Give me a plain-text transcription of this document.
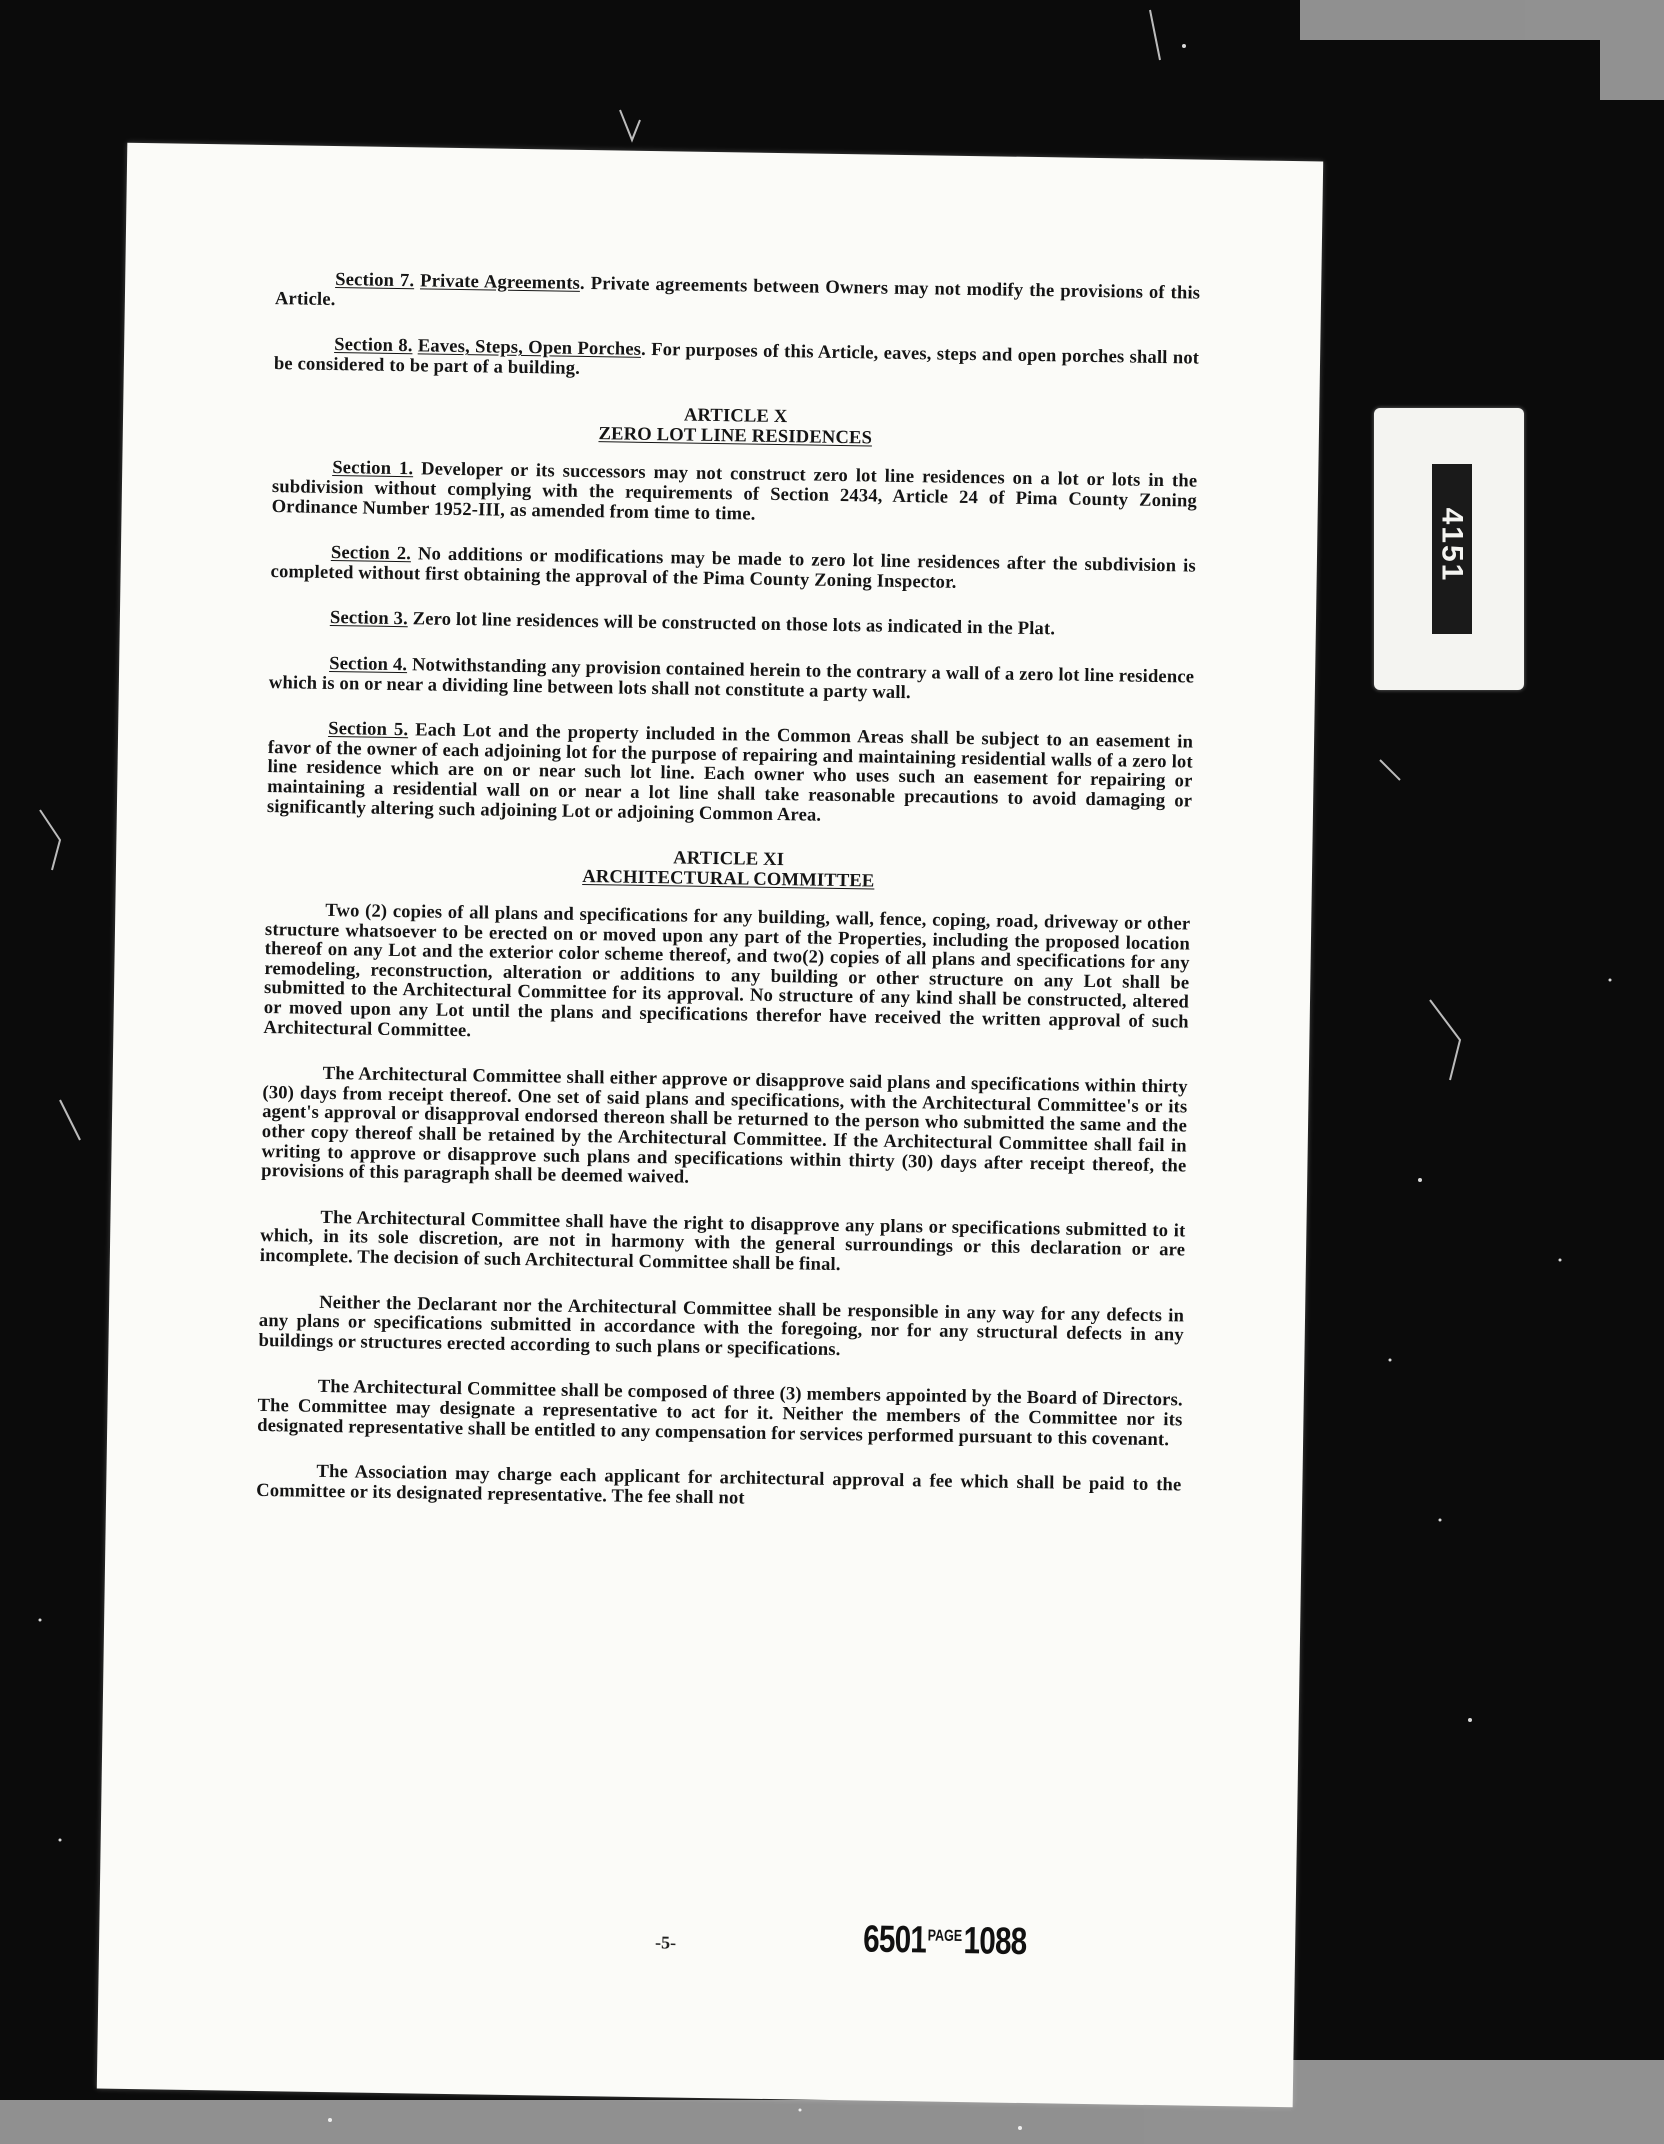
4151

Section 7. Private Agreements. Private agreements between Owners may not modify the provisions of this Article.

Section 8. Eaves, Steps, Open Porches. For purposes of this Article, eaves, steps and open porches shall not be considered to be part of a building.

ARTICLE X
ZERO LOT LINE RESIDENCES

Section 1. Developer or its successors may not construct zero lot line residences on a lot or lots in the subdivision without complying with the requirements of Section 2434, Article 24 of Pima County Zoning Ordinance Number 1952-III, as amended from time to time.

Section 2. No additions or modifications may be made to zero lot line residences after the subdivision is completed without first obtaining the approval of the Pima County Zoning Inspector.

Section 3. Zero lot line residences will be constructed on those lots as indicated in the Plat.

Section 4. Notwithstanding any provision contained herein to the contrary a wall of a zero lot line residence which is on or near a dividing line between lots shall not constitute a party wall.

Section 5. Each Lot and the property included in the Common Areas shall be subject to an easement in favor of the owner of each adjoining lot for the purpose of repairing and maintaining residential walls of a zero lot line residence which are on or near such lot line. Each owner who uses such an easement for repairing or maintaining a residential wall on or near a lot line shall take reasonable precautions to avoid damaging or significantly altering such adjoining Lot or adjoining Common Area.

ARTICLE XI
ARCHITECTURAL COMMITTEE

Two (2) copies of all plans and specifications for any building, wall, fence, coping, road, driveway or other structure whatsoever to be erected on or moved upon any part of the Properties, including the proposed location thereof on any Lot and the exterior color scheme thereof, and two(2) copies of all plans and specifications for any remodeling, reconstruction, alteration or additions to any building or other structure on any Lot shall be submitted to the Architectural Committee for its approval. No structure of any kind shall be constructed, altered or moved upon any Lot until the plans and specifications therefor have received the written approval of such Architectural Committee.

The Architectural Committee shall either approve or disapprove said plans and specifications within thirty (30) days from receipt thereof. One set of said plans and specifications, with the Architectural Committee's or its agent's approval or disapproval endorsed thereon shall be returned to the person who submitted the same and the other copy thereof shall be retained by the Architectural Committee. If the Architectural Committee shall fail in writing to approve or disapprove such plans and specifications within thirty (30) days after receipt thereof, the provisions of this paragraph shall be deemed waived.

The Architectural Committee shall have the right to disapprove any plans or specifications submitted to it which, in its sole discretion, are not in harmony with the general surroundings or this declaration or are incomplete. The decision of such Architectural Committee shall be final.

Neither the Declarant nor the Architectural Committee shall be responsible in any way for any defects in any plans or specifications submitted in accordance with the foregoing, nor for any structural defects in any buildings or structures erected according to such plans or specifications.

The Architectural Committee shall be composed of three (3) members appointed by the Board of Directors. The Committee may designate a representative to act for it. Neither the members of the Committee nor its designated representative shall be entitled to any compensation for services performed pursuant to this covenant.

The Association may charge each applicant for architectural approval a fee which shall be paid to the Committee or its designated representative. The fee shall not

-5-	$6501^{PAGE}1088$
